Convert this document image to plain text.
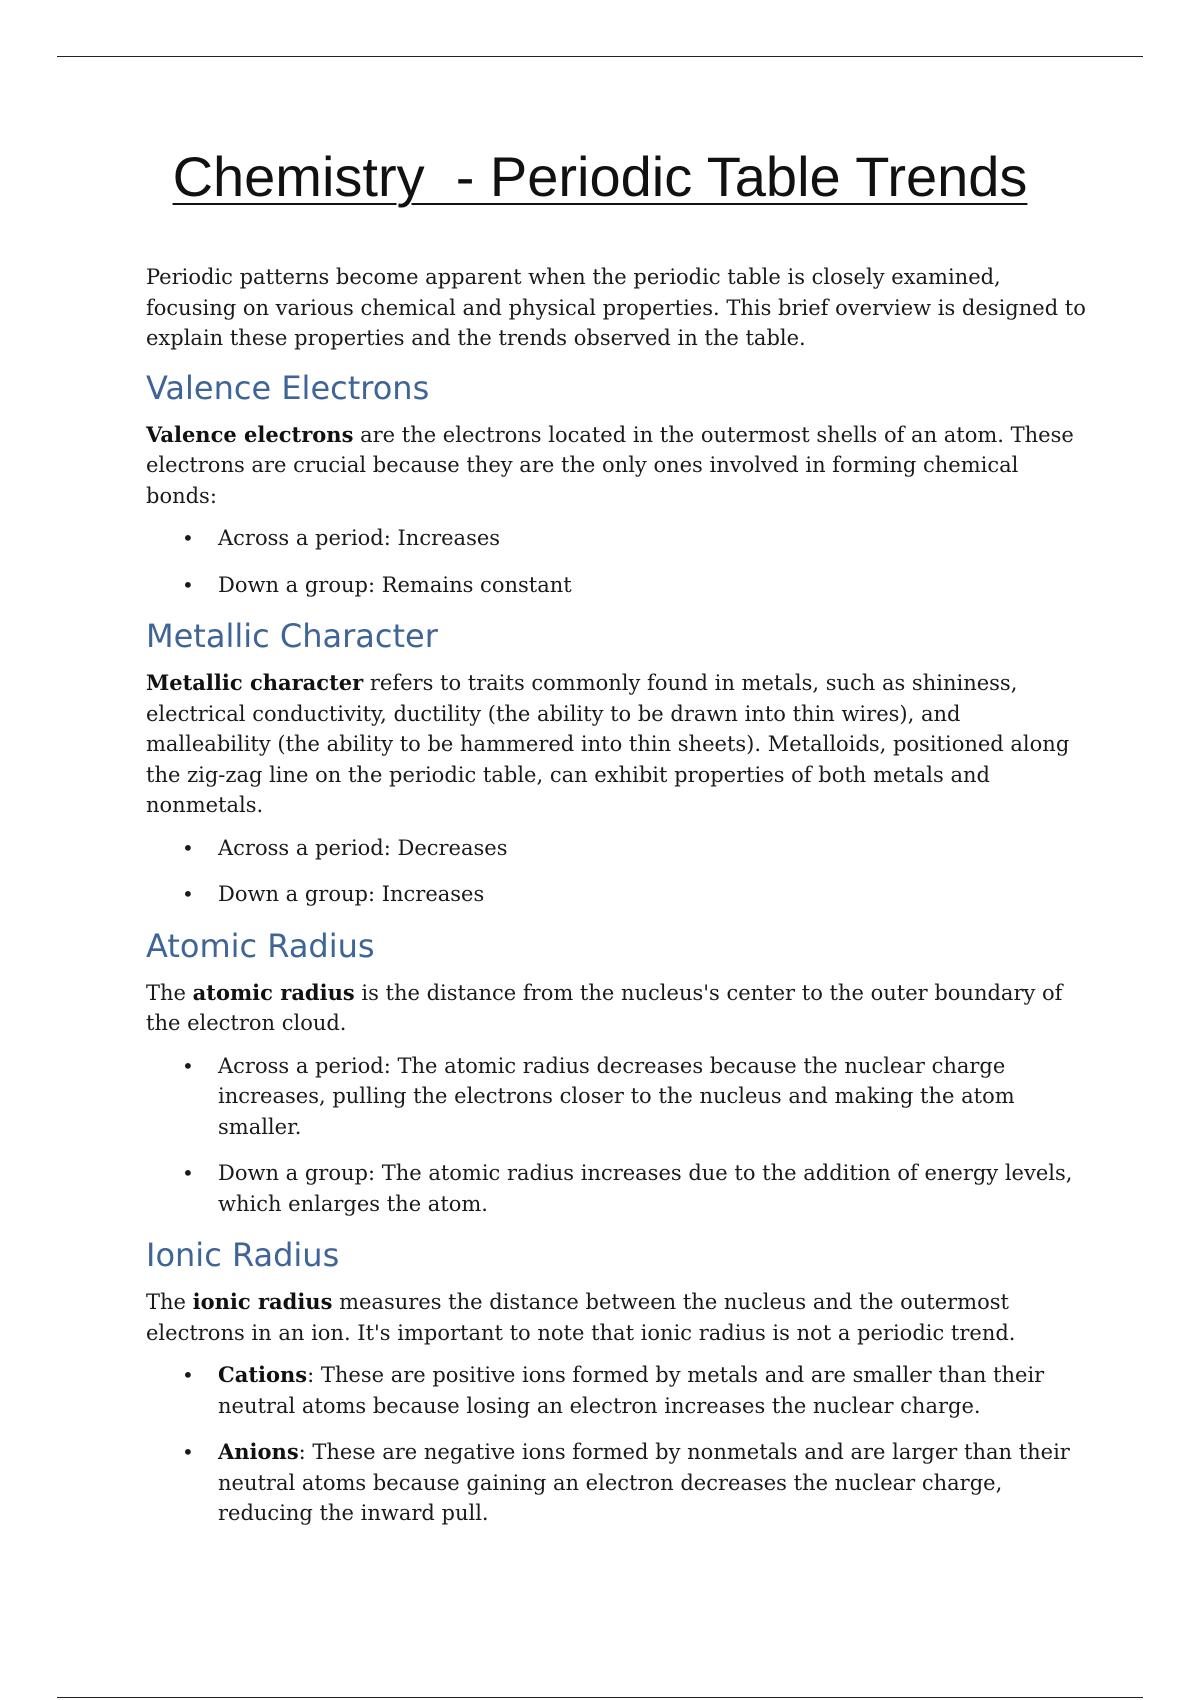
Chemistry  - Periodic Table Trends

Periodic patterns become apparent when the periodic table is closely examined, focusing on various chemical and physical properties. This brief overview is designed to explain these properties and the trends observed in the table.

Valence Electrons

Valence electrons are the electrons located in the outermost shells of an atom. These electrons are crucial because they are the only ones involved in forming chemical bonds:

• Across a period: Increases
• Down a group: Remains constant
Metallic Character

Metallic character refers to traits commonly found in metals, such as shininess, electrical conductivity, ductility (the ability to be drawn into thin wires), and malleability (the ability to be hammered into thin sheets). Metalloids, positioned along the zig-zag line on the periodic table, can exhibit properties of both metals and nonmetals.

• Across a period: Decreases
• Down a group: Increases
Atomic Radius

The atomic radius is the distance from the nucleus's center to the outer boundary of the electron cloud.

• Across a period: The atomic radius decreases because the nuclear charge increases, pulling the electrons closer to the nucleus and making the atom smaller.
• Down a group: The atomic radius increases due to the addition of energy levels, which enlarges the atom.
Ionic Radius

The ionic radius measures the distance between the nucleus and the outermost electrons in an ion. It's important to note that ionic radius is not a periodic trend.

• Cations: These are positive ions formed by metals and are smaller than their neutral atoms because losing an electron increases the nuclear charge.
• Anions: These are negative ions formed by nonmetals and are larger than their neutral atoms because gaining an electron decreases the nuclear charge, reducing the inward pull.
